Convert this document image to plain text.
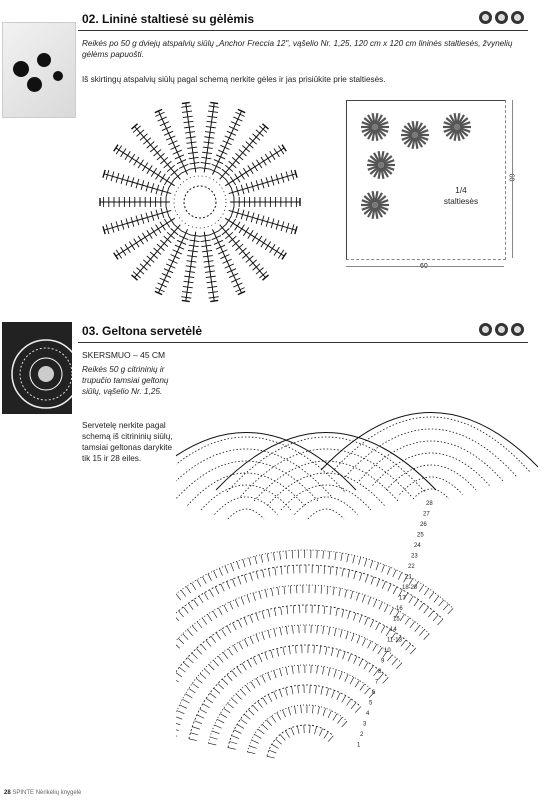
02. Lininė staltiesė su gėlėmis
Reikės po 50 g dviejų atspalvių siūlų „Anchor Freccia 12", vąšelio Nr. 1,25, 120 cm x 120 cm lininės staltiesės, žvynelių gėlėms papuošti.
Iš skirtingų atspalvių siūlų pagal schemą nerkite gėles ir jas prisiūkite prie staltiesės.
1/4
staltiesės
60
60
03. Geltona servetėlė
SKERSMUO – 45 CM
Reikės 50 g citrininių ir trupučio tamsiai geltonų siūlų, vąšelio Nr. 1,25.
Servetelę nerkite pagal schemą iš citrininių siūlų, tamsiai geltonas darykite tik 15 ir 28 eiles.
28
27
26
25
24
23
22
21
18-20
17
16
15
14
11-13
10
9
8
7
6
5
4
3
2
1
28 SPINTE Nėrikėlių knygelė
